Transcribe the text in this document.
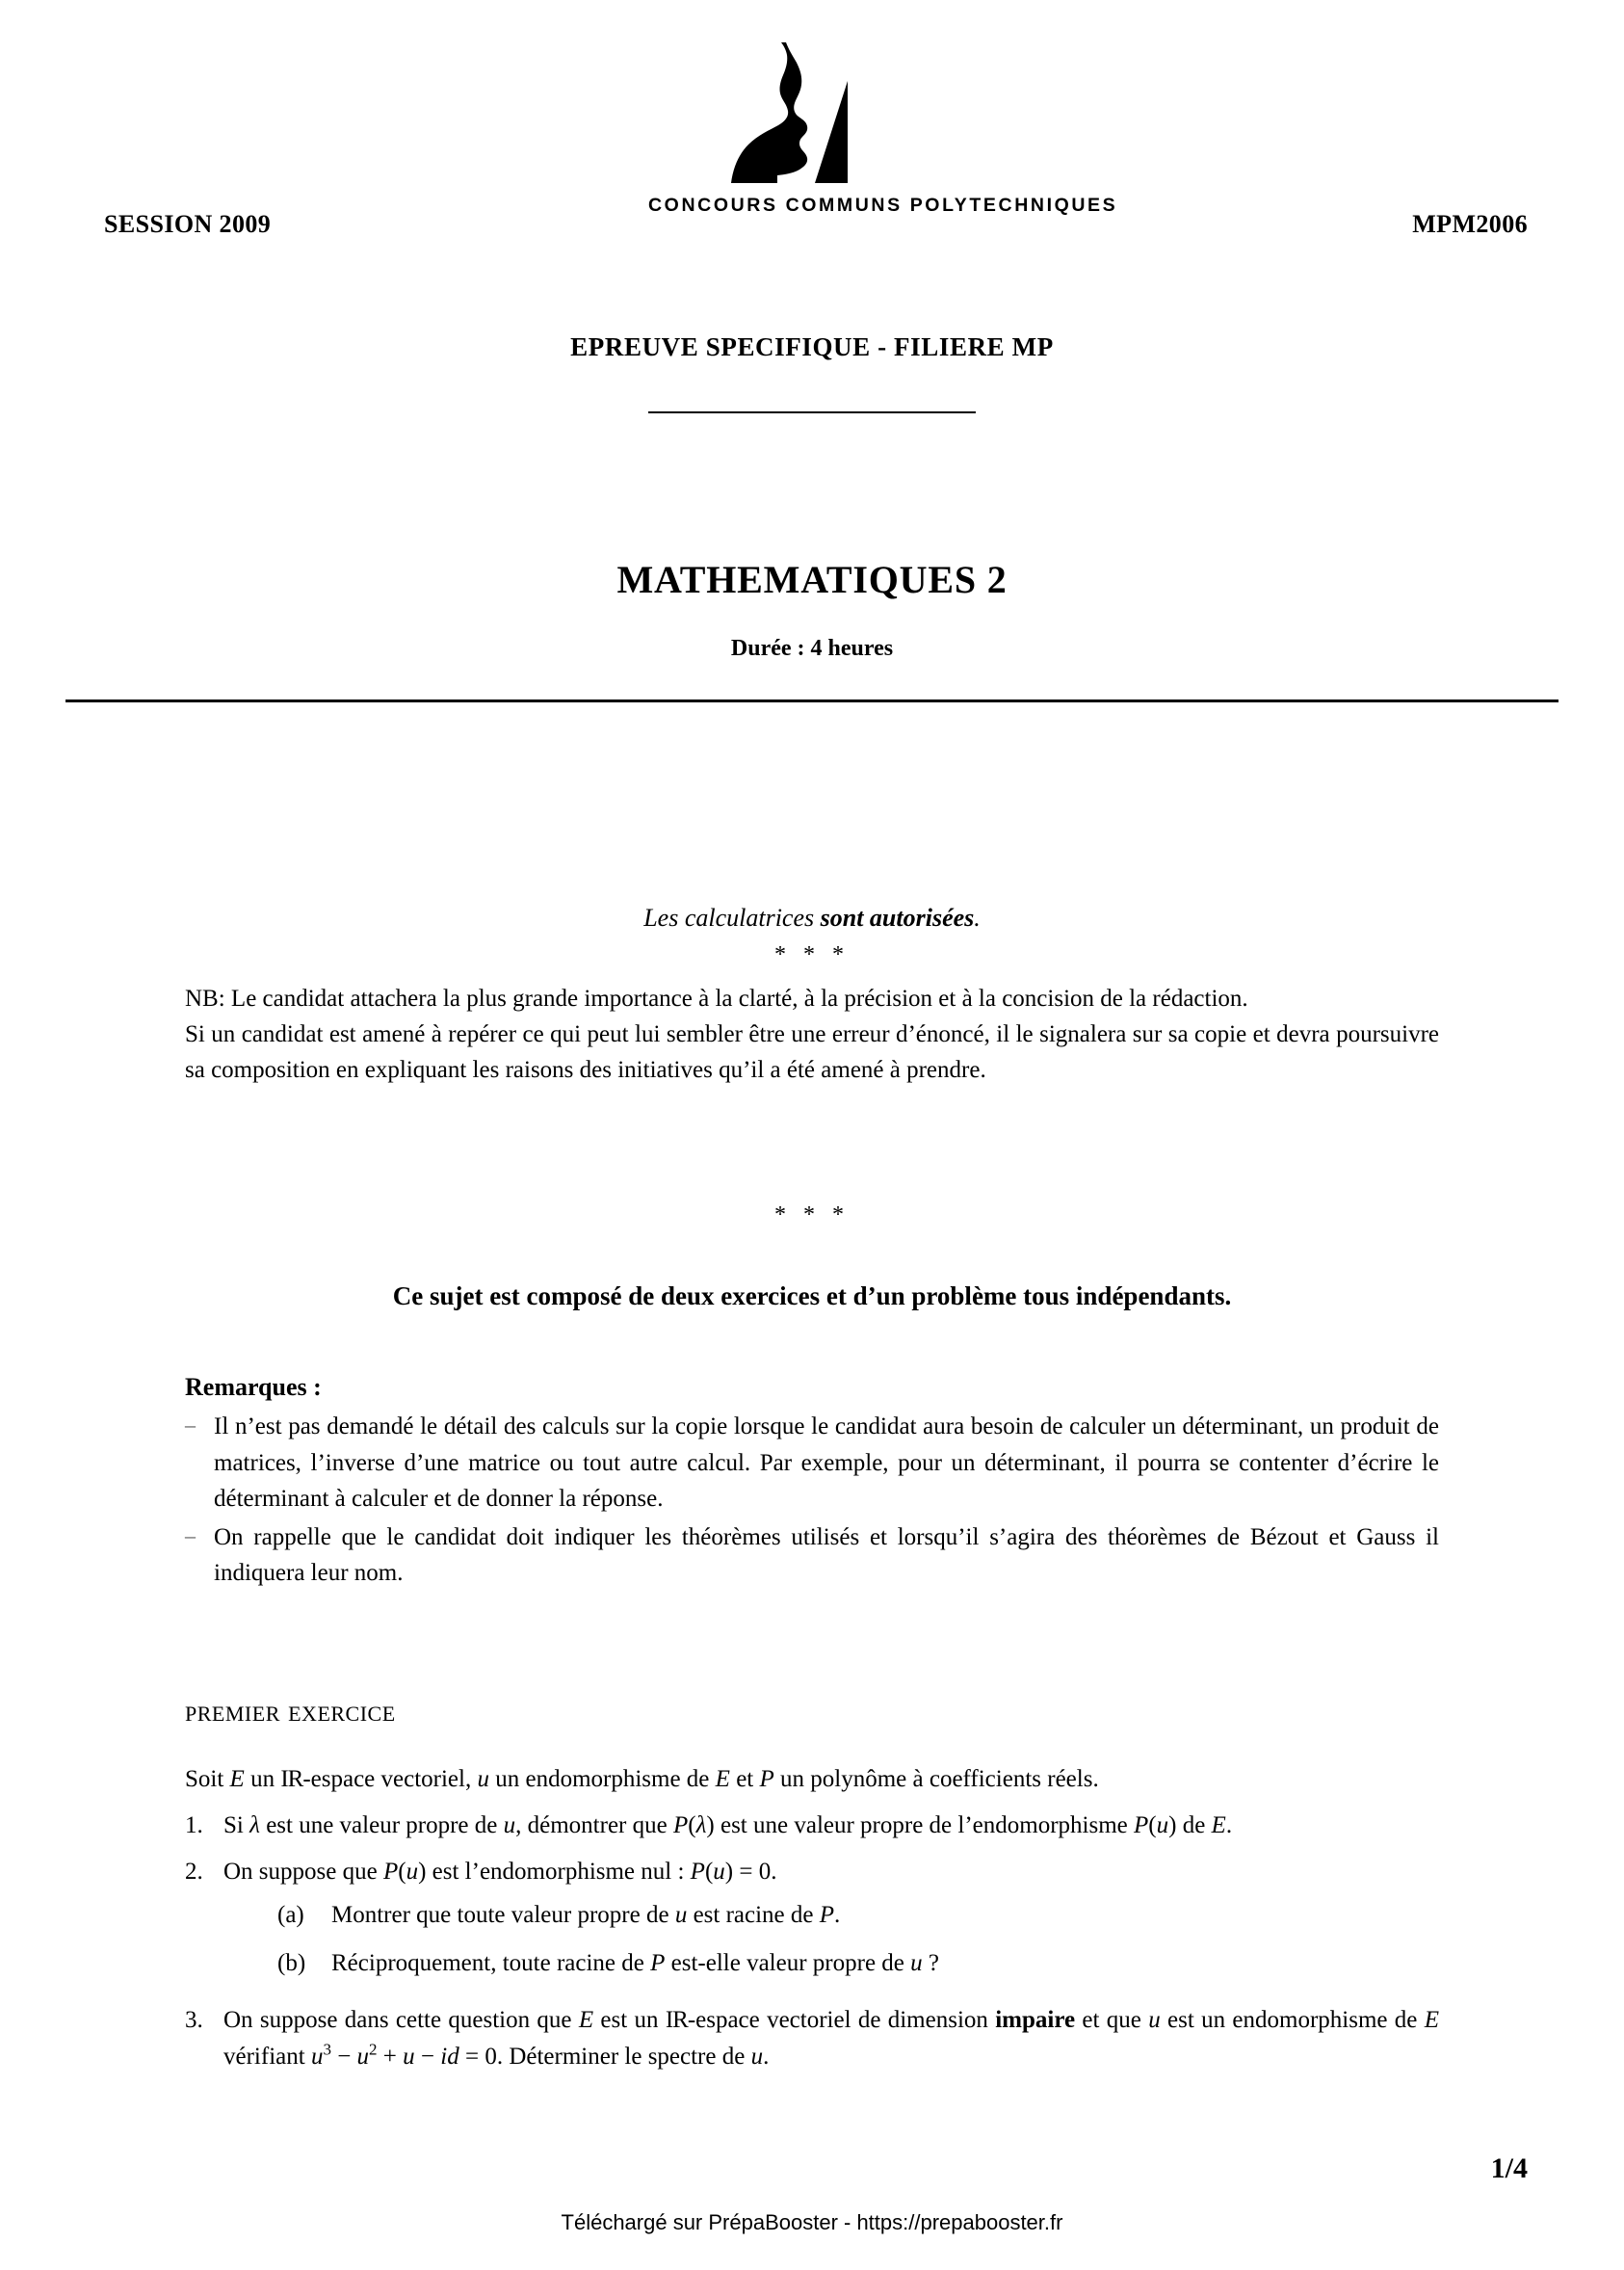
SESSION 2009	MPM2006
CONCOURS COMMUNS POLYTECHNIQUES
EPREUVE SPECIFIQUE - FILIERE MP
MATHEMATIQUES 2
Durée : 4 heures
Les calculatrices sont autorisées.
* * *

NB: Le candidat attachera la plus grande importance à la clarté, à la précision et à la concision de la rédaction.

Si un candidat est amené à repérer ce qui peut lui sembler être une erreur d’énoncé, il le signalera sur sa copie et devra poursuivre sa composition en expliquant les raisons des initiatives qu’il a été amené à prendre.

* * *
Ce sujet est composé de deux exercices et d’un problème tous indépendants.
Remarques :
– Il n’est pas demandé le détail des calculs sur la copie lorsque le candidat aura besoin de calculer un déterminant, un produit de matrices, l’inverse d’une matrice ou tout autre calcul. Par exemple, pour un déterminant, il pourra se contenter d’écrire le déterminant à calculer et de donner la réponse.
– On rappelle que le candidat doit indiquer les théorèmes utilisés et lorsqu’il s’agira des théorèmes de Bézout et Gauss il indiquera leur nom.
premier exercice
Soit E un IR-espace vectoriel, u un endomorphisme de E et P un polynôme à coefficients réels.
1. Si λ est une valeur propre de u, démontrer que P(λ) est une valeur propre de l’endomorphisme P(u) de E.
2. On suppose que P(u) est l’endomorphisme nul : P(u) = 0.
(a)	Montrer que toute valeur propre de u est racine de P.
(b)	Réciproquement, toute racine de P est-elle valeur propre de u ?
3. On suppose dans cette question que E est un IR-espace vectoriel de dimension impaire et que u est un endomorphisme de E vérifiant $u^3 - u^2 + u$ − id = 0. Déterminer le spectre de u.
1/4
Téléchargé sur PrépaBooster - https://prepabooster.fr
